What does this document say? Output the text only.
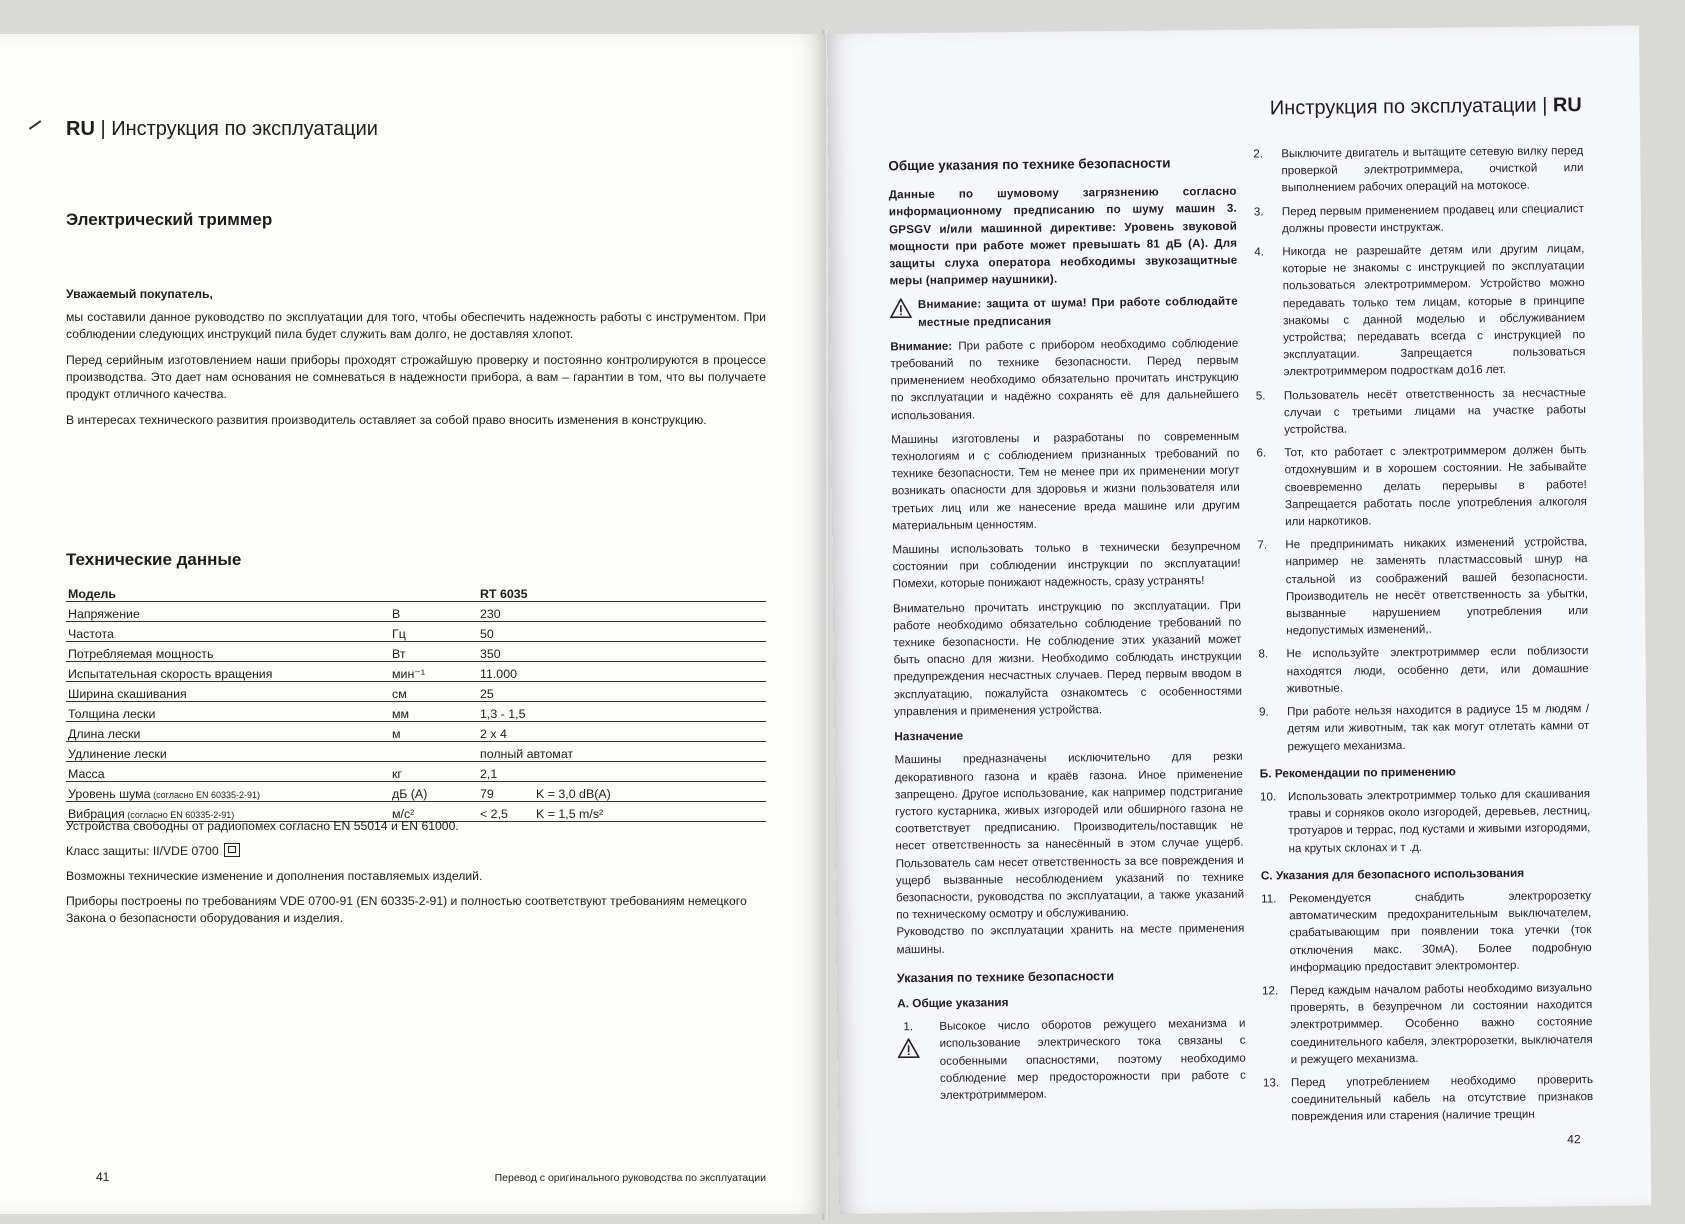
RU | Инструкция по эксплуатации
Электрический триммер

Уважаемый покупатель,

мы составили данное руководство по эксплуатации для того, чтобы обеспечить надежность работы с инструментом. При соблюдении следующих инструкций пила будет служить вам долго, не доставляя хлопот.

Перед серийным изготовлением наши приборы проходят строжайшую проверку и постоянно контролируются в процессе производства. Это дает нам основания не сомневаться в надежности прибора, а вам – гарантии в том, что вы получаете продукт отличного качества.

В интересах технического развития производитель оставляет за собой право вносить изменения в конструкцию.

Технические данные
Модель		RT 6035	
Напряжение	В	230	
Частота	Гц	50	
Потребляемая мощность	Вт	350	
Испытательная скорость вращения	мин⁻¹	11.000	
Ширина скашивания	см	25	
Толщина лески	мм	1,3 - 1,5	
Длина лески	м	2 x 4	
Удлинение лески		полный автомат	
Масса	кг	2,1	
Уровень шума (согласно EN 60335-2-91)	дБ (A)	79	K = 3,0 dB(A)
Вибрация (согласно EN 60335-2-91)	м/с²	< 2,5	K = 1,5 m/s²

Устройства свободны от радиопомех согласно EN 55014 и EN 61000.

Класс защиты: II/VDE 0700

Возможны технические изменение и дополнения поставляемых изделий.

Приборы построены по требованиям VDE 0700-91 (EN 60335-2-91) и полностью соответствуют требованиям немецкого Закона о безопасности оборудования и изделия.

41	Перевод с оригинального руководства по эксплуатации
Инструкция по эксплуатации | RU
Общие указания по технике безопасности

Данные по шумовому загрязнению согласно информационному предписанию по шуму машин 3. GPSGV и/или машинной директиве: Уровень звуковой мощности при работе может превышать 81 дБ (A). Для защиты слуха оператора необходимы звукозащитные меры (например наушники).

Внимание: защита от шума! При работе соблюдайте местные предписания

Внимание: При работе с прибором необходимо соблюдение требований по технике безопасности. Перед первым применением необходимо обязательно прочитать инструкцию по эксплуатации и надёжно сохранять её для дальнейшего использования.

Машины изготовлены и разработаны по современным технологиям и с соблюдением признанных требований по технике безопасности. Тем не менее при их применении могут возникать опасности для здоровья и жизни пользователя или третьих лиц или же нанесение вреда машине или другим материальным ценностям.

Машины использовать только в технически безупречном состоянии при соблюдении инструкции по эксплуатации! Помехи, которые понижают надежность, сразу устранять!

Внимательно прочитать инструкцию по эксплуатации. При работе необходимо обязательно соблюдение требований по технике безопасности. Не соблюдение этих указаний может быть опасно для жизни. Необходимо соблюдать инструкции предупреждения несчастных случаев. Перед первым вводом в эксплуатацию, пожалуйста ознакомтесь с особенностями управления и применения устройства.

Назначение

Машины предназначены исключительно для резки декоративного газона и краёв газона. Иное применение запрещено. Другое использование, как например подстригание густого кустарника, живых изгородей или обширного газона не соответствует предписанию. Производитель/поставщик не несет ответственность за нанесённый в этом случае ущерб. Пользователь сам несет ответственность за все повреждения и ущерб вызванные несоблюдением указаний по технике безопасности, руководства по эксплуатации, а также указаний по техническому осмотру и обслуживанию.

Руководство по эксплуатации хранить на месте применения машины.

Указания по технике безопасности
A. Общие указания
1. Высокое число оборотов режущего механизма и использование электрического тока связаны с особенными опасностями, поэтому необходимо соблюдение мер предосторожности при работе с электротриммером.
2. Выключите двигатель и вытащите сетевую вилку перед проверкой электротриммера, очисткой или выполнением рабочих операций на мотокосе.
3. Перед первым применением продавец или специалист должны провести инструктаж.
4. Никогда не разрешайте детям или другим лицам, которые не знакомы с инструкцией по эксплуатации пользоваться электротриммером. Устройство можно передавать только тем лицам, которые в принципе знакомы с данной моделью и обслуживанием устройства; передавать всегда с инструкцией по эксплуатации. Запрещается пользоваться электротриммером подросткам до16 лет.
5. Пользователь несёт ответственность за несчастные случаи с третьими лицами на участке работы устройства.
6. Тот, кто работает с электротриммером должен быть отдохнувшим и в хорошем состоянии. Не забывайте своевременно делать перерывы в работе! Запрещается работать после употребления алкоголя или наркотиков.
7. Не предпринимать никаких изменений устройства, например не заменять пластмассовый шнур на стальной из соображений вашей безопасности. Производитель не несёт ответственность за убытки, вызванные нарушением употребления или недопустимых изменений,.
8. Не используйте электротриммер если поблизости находятся люди, особенно дети, или домашние животные.
9. При работе нельзя находится в радиусе 15 м людям / детям или животным, так как могут отлетать камни от режущего механизма.
Б. Рекомендации по применению
10. Использовать электротриммер только для скашивания травы и сорняков около изгородей, деревьев, лестниц, тротуаров и террас, под кустами и живыми изгородями, на крутых склонах и т .д.
С. Указания для безопасного использования
11. Рекомендуется снабдить электророзетку автоматическим предохранительным выключателем, срабатывающим при появлении тока утечки (ток отключения макс. 30мА). Более подробную информацию предоставит электромонтер.
12. Перед каждым началом работы необходимо визуально проверять, в безупречном ли состоянии находится электротриммер. Особенно важно состояние соединительного кабеля, электророзетки, выключателя и режущего механизма.
13. Перед употреблением необходимо проверить соединительный кабель на отсутствие признаков повреждения или старения (наличие трещин
42
